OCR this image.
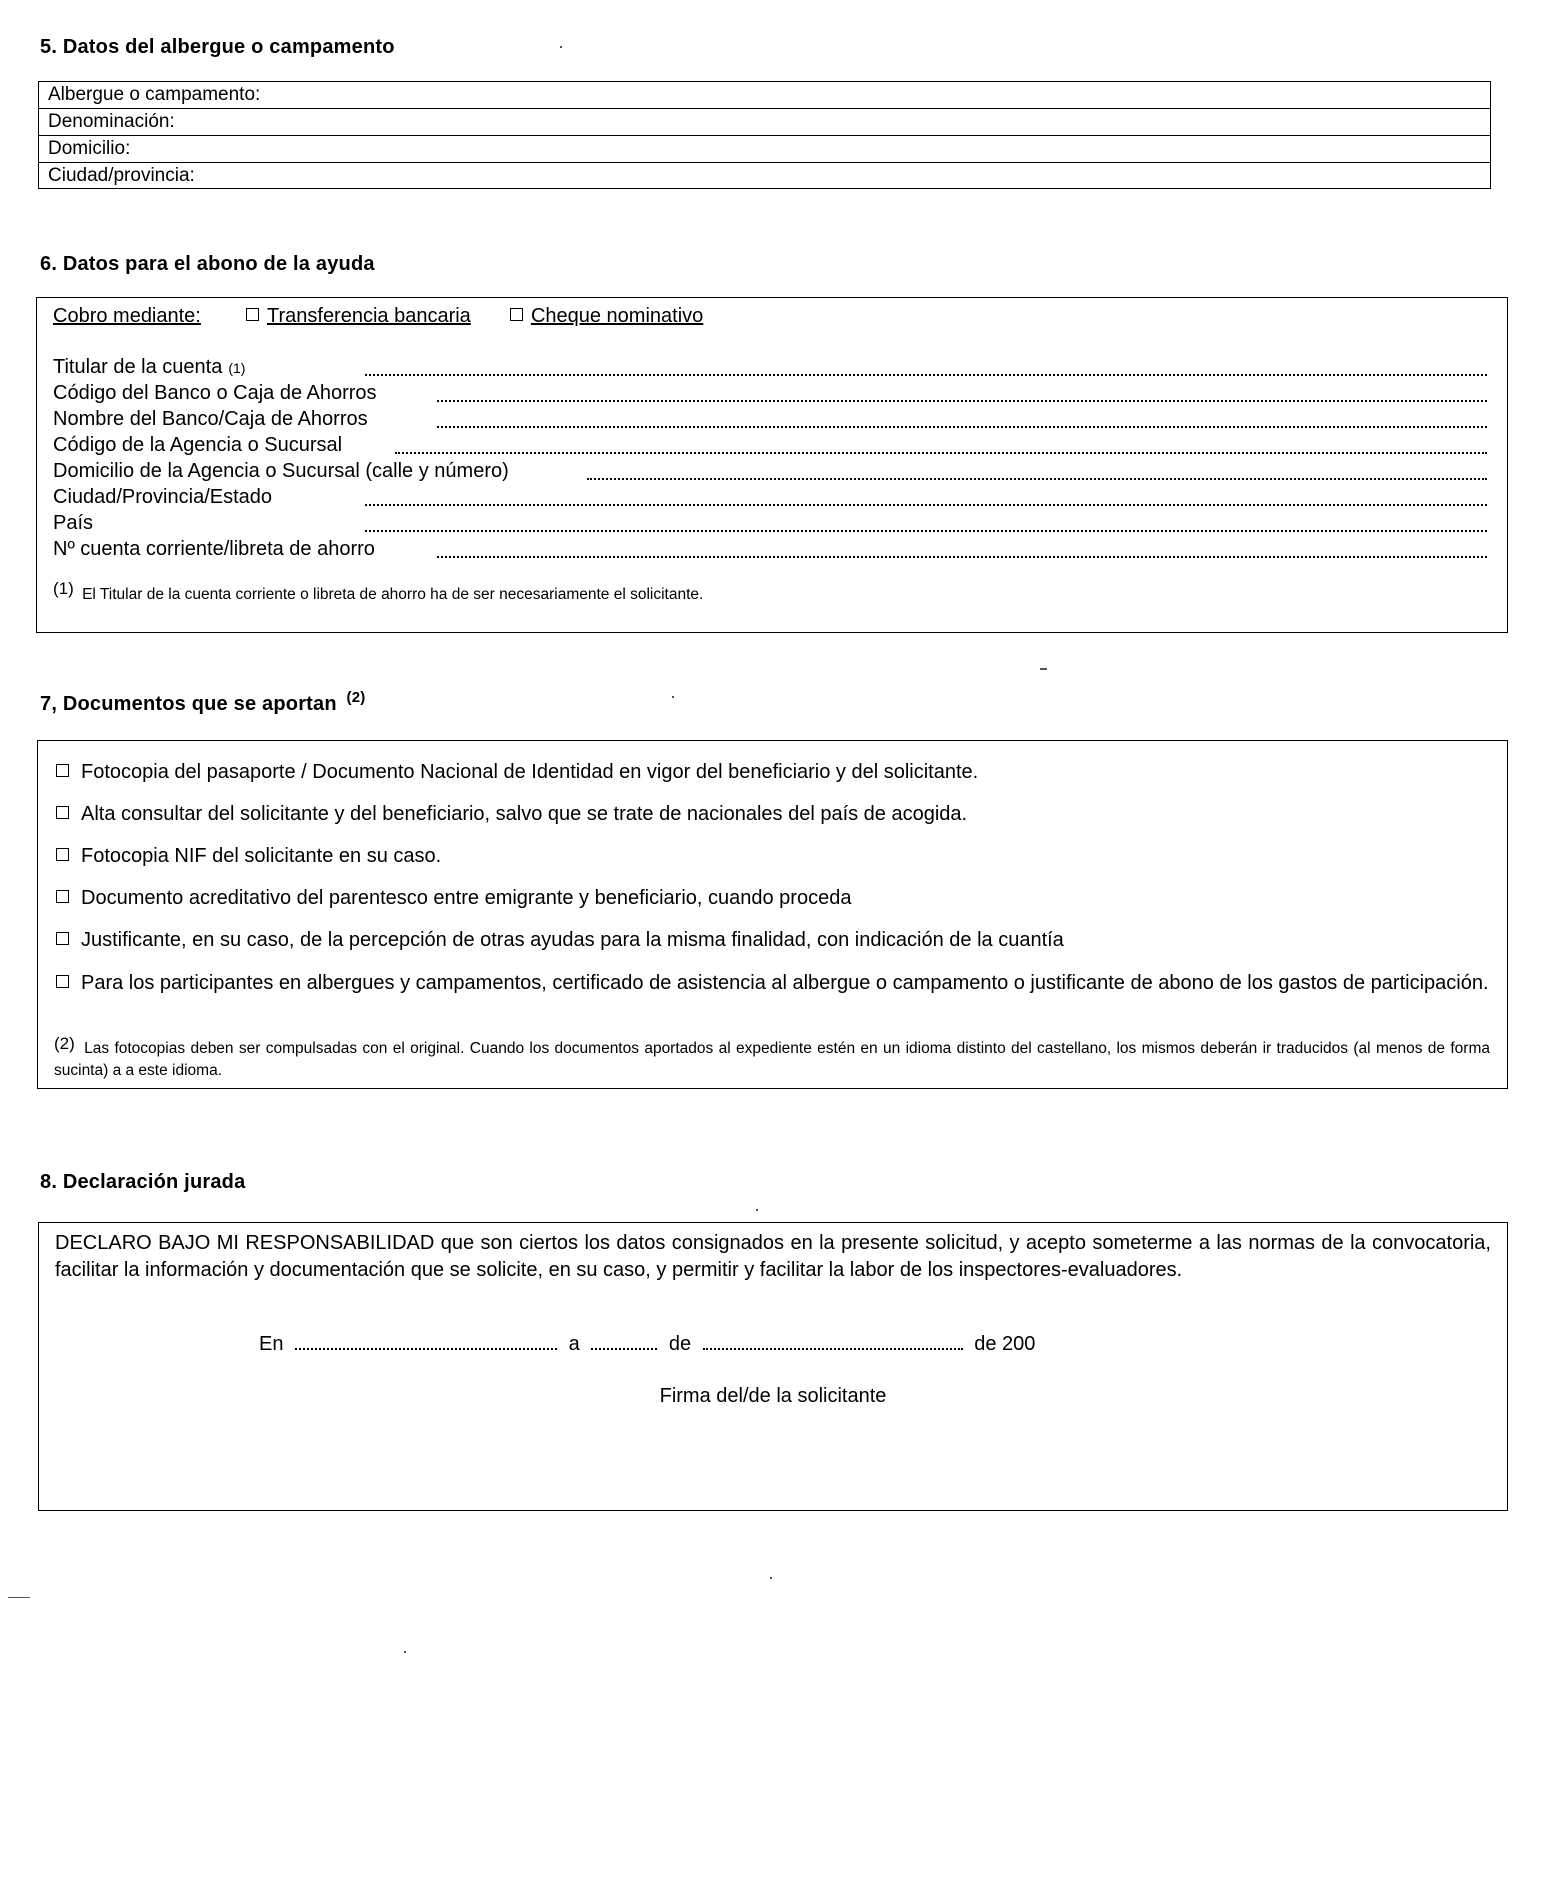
5. Datos del albergue o campamento
Albergue o campamento:
Denominación:
Domicilio:
Ciudad/provincia:
6. Datos para el abono de la ayuda
Cobro mediante:	Transferencia bancaria	Cheque nominativo
Titular de la cuenta (1)
Código del Banco o Caja de Ahorros
Nombre del Banco/Caja de Ahorros
Código de la Agencia o Sucursal
Domicilio de la Agencia o Sucursal (calle y número)
Ciudad/Provincia/Estado
País
Nº cuenta corriente/libreta de ahorro
(1) El Titular de la cuenta corriente o libreta de ahorro ha de ser necesariamente el solicitante.
7, Documentos que se aportan $^{(2)}$
Fotocopia del pasaporte / Documento Nacional de Identidad en vigor del beneficiario y del solicitante.
Alta consultar del solicitante y del beneficiario, salvo que se trate de nacionales del país de acogida.
Fotocopia NIF del solicitante en su caso.
Documento acreditativo del parentesco entre emigrante y beneficiario, cuando proceda
Justificante, en su caso, de la percepción de otras ayudas para la misma finalidad, con indicación de la cuantía
Para los participantes en albergues y campamentos, certificado de asistencia al albergue o campamento o justificante de abono de los gastos de participación.
(2) Las fotocopias deben ser compulsadas con el original. Cuando los documentos aportados al expediente estén en un idioma distinto del castellano, los mismos deberán ir traducidos (al menos de forma sucinta) a a este idioma.
8. Declaración jurada
DECLARO BAJO MI RESPONSABILIDAD que son ciertos los datos consignados en la presente solicitud, y acepto someterme a las normas de la convocatoria, facilitar la información y documentación que se solicite, en su caso, y permitir y facilitar la labor de los inspectores-evaluadores.
En	a	de	de 200
Firma del/de la solicitante
